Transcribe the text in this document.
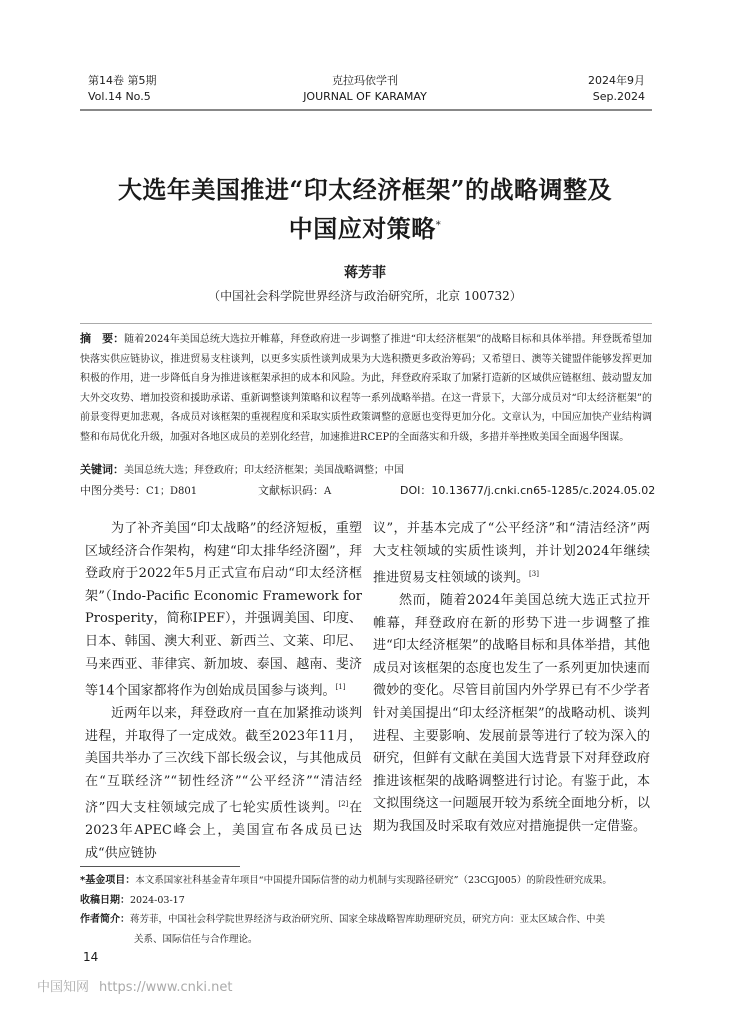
第14卷 第5期
Vol.14 No.5
克拉玛依学刊
JOURNAL OF KARAMAY
2024年9月
Sep.2024
大选年美国推进“印太经济框架”的战略调整及
中国应对策略*
蒋芳菲
（中国社会科学院世界经济与政治研究所，北京 100732）
摘　要：随着2024年美国总统大选拉开帷幕，拜登政府进一步调整了推进“印太经济框架”的战略目标和具体举措。拜登既希望加快落实供应链协议，推进贸易支柱谈判，以更多实质性谈判成果为大选积攒更多政治筹码；又希望日、澳等关键盟伴能够发挥更加积极的作用，进一步降低自身为推进该框架承担的成本和风险。为此，拜登政府采取了加紧打造新的区域供应链枢纽、鼓动盟友加大外交攻势、增加投资和援助承诺、重新调整谈判策略和议程等一系列战略举措。在这一背景下，大部分成员对“印太经济框架”的前景变得更加悲观，各成员对该框架的重视程度和采取实质性政策调整的意愿也变得更加分化。文章认为，中国应加快产业结构调整和布局优化升级，加强对各地区成员的差别化经营，加速推进RCEP的全面落实和升级，多措并举挫败美国全面遏华图谋。
关键词：美国总统大选；拜登政府；印太经济框架；美国战略调整；中国
中图分类号：C1；D801	文献标识码：A	DOI：10.13677/j.cnki.cn65-1285/c.2024.05.02

为了补齐美国“印太战略”的经济短板，重塑区域经济合作架构，构建“印太排华经济圈”，拜登政府于2022年5月正式宣布启动“印太经济框架”（Indo-Pacific Economic Framework for Prosperity，简称IPEF），并强调美国、印度、日本、韩国、澳大利亚、新西兰、文莱、印尼、马来西亚、菲律宾、新加坡、泰国、越南、斐济等14个国家都将作为创始成员国参与谈判。[1]

近两年以来，拜登政府一直在加紧推动谈判进程，并取得了一定成效。截至2023年11月，美国共举办了三次线下部长级会议，与其他成员在“互联经济”“韧性经济”“公平经济”“清洁经济”四大支柱领域完成了七轮实质性谈判。[2]在2023年APEC峰会上，美国宣布各成员已达成“供应链协

议”，并基本完成了“公平经济”和“清洁经济”两大支柱领域的实质性谈判，并计划2024年继续推进贸易支柱领域的谈判。[3]

然而，随着2024年美国总统大选正式拉开帷幕，拜登政府在新的形势下进一步调整了推进“印太经济框架”的战略目标和具体举措，其他成员对该框架的态度也发生了一系列更加快速而微妙的变化。尽管目前国内外学界已有不少学者针对美国提出“印太经济框架”的战略动机、谈判进程、主要影响、发展前景等进行了较为深入的研究，但鲜有文献在美国大选背景下对拜登政府推进该框架的战略调整进行讨论。有鉴于此，本文拟围绕这一问题展开较为系统全面地分析，以期为我国及时采取有效应对措施提供一定借鉴。

*基金项目：本文系国家社科基金青年项目“中国提升国际信誉的动力机制与实现路径研究”（23CGJ005）的阶段性研究成果。
收稿日期：2024-03-17
作者简介：蒋芳菲，中国社会科学院世界经济与政治研究所、国家全球战略智库助理研究员，研究方向：亚太区域合作、中美
关系、国际信任与合作理论。
14
中国知网 https://www.cnki.net
